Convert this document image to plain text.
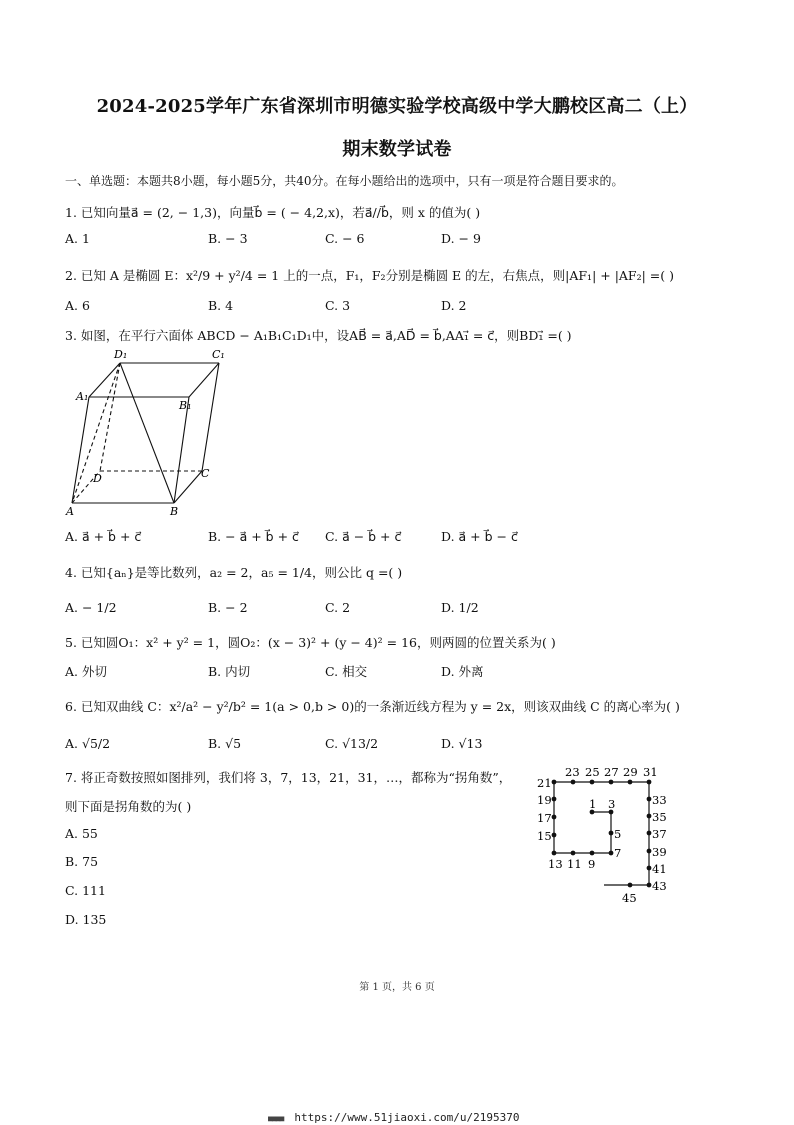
2024-2025学年广东省深圳市明德实验学校高级中学大鹏校区高二（上）
期末数学试卷
一、单选题：本题共8小题，每小题5分，共40分。在每小题给出的选项中，只有一项是符合题目要求的。
1. 已知向量a⃗ = (2, − 1,3)，向量b⃗ = ( − 4,2,x)，若a⃗//b⃗，则 x 的值为( )
A. 1	B. − 3	C. − 6	D. − 9
2. 已知 A 是椭圆 E：x²/9 + y²/4 = 1 上的一点，F₁，F₂分别是椭圆 E 的左，右焦点，则|AF₁| + |AF₂| =( )
A. 6	B. 4	C. 3	D. 2
3. 如图，在平行六面体 ABCD − A₁B₁C₁D₁中，设AB⃗ = a⃗,AD⃗ = b⃗,AA₁⃗ = c⃗，则BD₁⃗ =( )
D₁	C₁
A₁
B₁
D	C
A	B
A. a⃗ + b⃗ + c⃗	B. − a⃗ + b⃗ + c⃗ C. a⃗ − b⃗ + c⃗	D. a⃗ + b⃗ − c⃗
4. 已知{aₙ}是等比数列，a₂ = 2，a₅ = 1/4，则公比 q =( )
A. − 1/2	B. − 2	C. 2	D. 1/2
5. 已知圆O₁：x² + y² = 1，圆O₂：(x − 3)² + (y − 4)² = 16，则两圆的位置关系为( )
A. 外切	B. 内切	C. 相交	D. 外离
6. 已知双曲线 C：x²/a² − y²/b² = 1(a > 0,b > 0)的一条渐近线方程为 y = 2x，则该双曲线 C 的离心率为( )
A. √5/2	B. √5	C. √13/2	D. √13
7. 将正奇数按照如图排列，我们将 3，7，13，21，31，…，都称为“拐角数”，
则下面是拐角数的为( )
A. 55
B. 75
C. 111
D. 135
21
23 25 27 29 31
19
17
15
1 3
5
7
13 11 9
33
35
37
39
41
43
45
第 1 页，共 6 页
■■■■ https://www.51jiaoxi.com/u/2195370
